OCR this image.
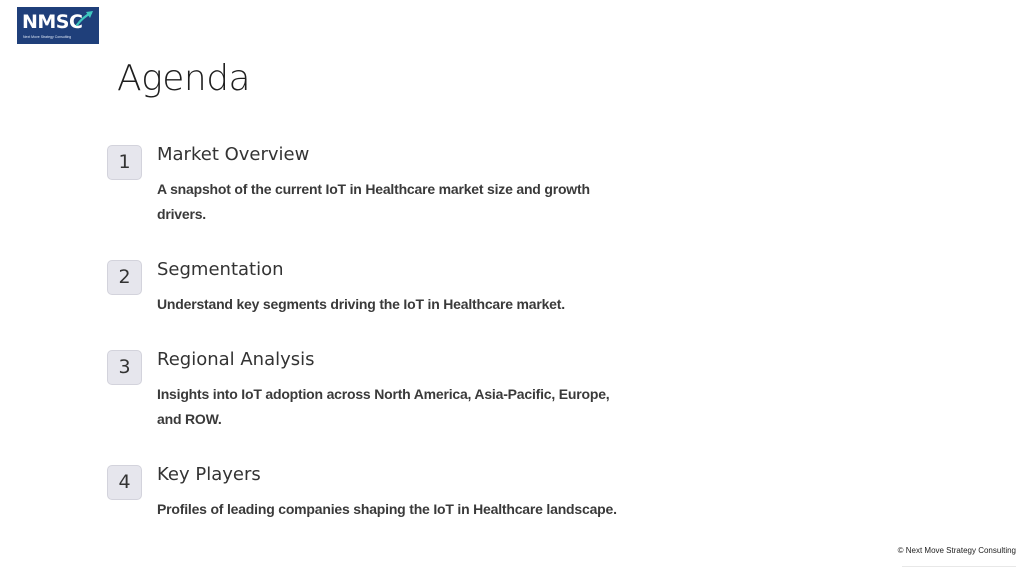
NMSC
Next Move Strategy Consulting
Agenda
1	Market Overview

A snapshot of the current IoT in Healthcare market size and growth drivers.

2	Segmentation

Understand key segments driving the IoT in Healthcare market.

3	Regional Analysis

Insights into IoT adoption across North America, Asia-Pacific, Europe, and ROW.

4	Key Players

Profiles of leading companies shaping the IoT in Healthcare landscape.

© Next Move Strategy Consulting
